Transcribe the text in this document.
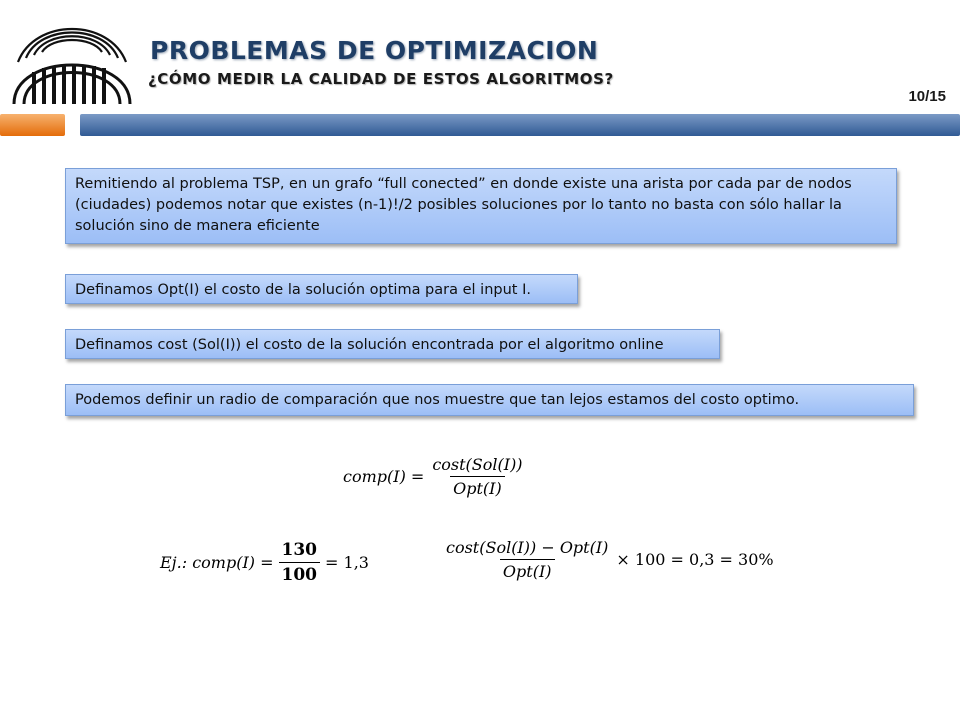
PROBLEMAS DE OPTIMIZACION
¿CÓMO MEDIR LA CALIDAD DE ESTOS ALGORITMOS?
10/15
Remitiendo al problema TSP, en un grafo “full conected” en donde existe una arista por cada par de nodos (ciudades) podemos notar que existes (n-1)!/2 posibles soluciones por lo tanto no basta con sólo hallar la solución sino de manera eficiente
Definamos Opt(I) el costo de la solución optima para el input I.
Definamos cost (Sol(I)) el costo de la solución encontrada por el algoritmo online
Podemos definir un radio de comparación que nos muestre que tan lejos estamos del costo optimo.
comp(I) = $\frac{\text{cost(Sol(I))}}{\text{Opt(I)}}$
Ej.: comp(I) = $\frac{130}{100} = 1,3$	$\frac{\text{cost(Sol(I)) − Opt(I)}}{\text{Opt(I)}} \times 100 = 0,3 = 30\%$
